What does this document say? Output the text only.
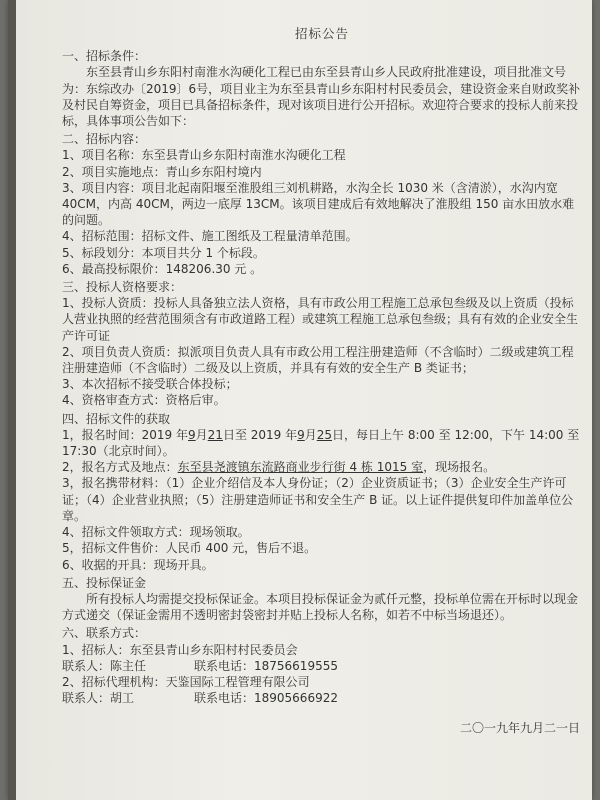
招标公告
一、招标条件：
东至县青山乡东阳村南淮水沟硬化工程已由东至县青山乡人民政府批准建设，项目批准文号为：东综改办〔2019〕6号，项目业主为东至县青山乡东阳村村民委员会，建设资金来自财政奖补及村民自筹资金，项目已具备招标条件，现对该项目进行公开招标。欢迎符合要求的投标人前来投标，具体事项公告如下：
二、招标内容：
1、项目名称：东至县青山乡东阳村南淮水沟硬化工程
2、项目实施地点：青山乡东阳村境内
3、项目内容：项目北起南阳堰至淮股组三刘机耕路，水沟全长 1030 米（含清淤），水沟内宽 40CM，内高 40CM，两边一底厚 13CM。该项目建成后有效地解决了淮股组 150 亩水田放水难的问题。
4、招标范围：招标文件、施工图纸及工程量清单范围。
5、标段划分：本项目共分 1 个标段。
6、最高投标限价：148206.30 元 。
三、投标人资格要求：
1、投标人资质：投标人具备独立法人资格，具有市政公用工程施工总承包叁级及以上资质（投标人营业执照的经营范围须含有市政道路工程）或建筑工程施工总承包叁级；具有有效的企业安全生产许可证
2、项目负责人资质：拟派项目负责人具有市政公用工程注册建造师（不含临时）二级或建筑工程注册建造师（不含临时）二级及以上资质，并具有有效的安全生产 B 类证书；
3、本次招标不接受联合体投标；
4、资格审查方式：资格后审。
四、招标文件的获取
1，报名时间：2019 年9月21日至 2019 年9月25日，每日上午 8:00 至 12:00，下午 14:00 至 17:30（北京时间）。
2，报名方式及地点：东至县尧渡镇东流路商业步行街 4 栋 1015 室，现场报名。
3，报名携带材料：（1）企业介绍信及本人身份证；（2）企业资质证书；（3）企业安全生产许可证；（4）企业营业执照；（5）注册建造师证书和安全生产 B 证。以上证件提供复印件加盖单位公章。
4、招标文件领取方式：现场领取。
5，招标文件售价：人民币 400 元，售后不退。
6、收据的开具：现场开具。
五、投标保证金
所有投标人均需提交投标保证金。本项目投标保证金为贰仟元整，投标单位需在开标时以现金方式递交（保证金需用不透明密封袋密封并贴上投标人名称，如若不中标当场退还）。
六、联系方式：
1、招标人：东至县青山乡东阳村村民委员会
联系人：陈主任　　　　联系电话：18756619555
2、招标代理机构：天鉴国际工程管理有限公司
联系人：胡工　　　　　联系电话：18905666922
二〇一九年九月二一日
